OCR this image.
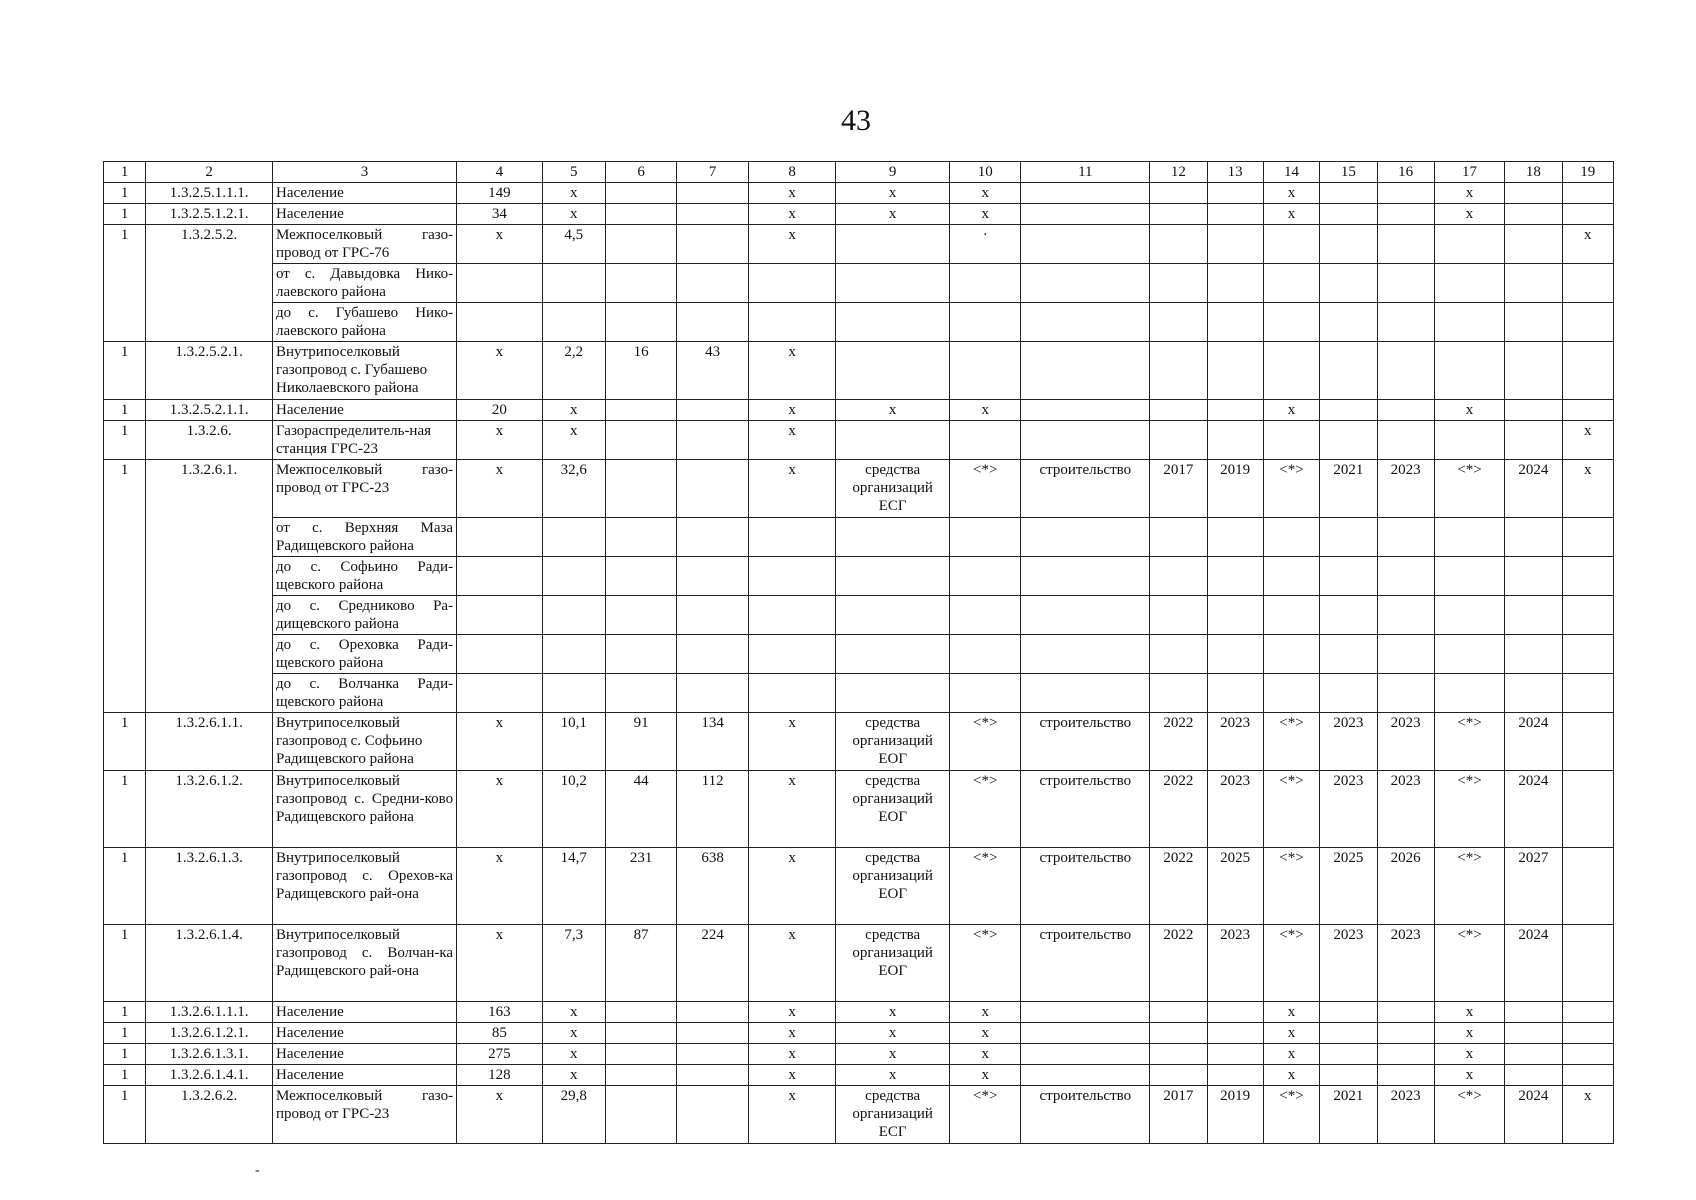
43
1	2	3	4	5	6	7	8	9	10	11	12	13	14	15	16	17	18	19
1	1.3.2.5.1.1.1.	Население	149	х			х	х	х				х			х		
1	1.3.2.5.1.2.1.	Население	34	х			х	х	х				х			х		
1	1.3.2.5.2.	Межпоселковый газо-провод от ГРС-76	х	4,5			х		·									х
		от с. Давыдовка Нико-лаевского района																
		до с. Губашево Нико-лаевского района																
1	1.3.2.5.2.1.	Внутрипоселковый газопровод с. Губашево Николаевского района	х	2,2	16	43	х											
1	1.3.2.5.2.1.1.	Население	20	х			х	х	х				х			х		
1	1.3.2.6.	Газораспределитель-ная станция ГРС-23	х	х			х											х
1	1.3.2.6.1.	Межпоселковый газо-провод от ГРС-23	х	32,6			х	средства организаций ЕСГ	<*>	строительство	2017	2019	<*>	2021	2023	<*>	2024	х
		от с. Верхняя Маза Радищевского района																
		до с. Софьино Ради-щевского района																
		до с. Средниково Ра-дищевского района																
		до с. Ореховка Ради-щевского района																
		до с. Волчанка Ради-щевского района																
1	1.3.2.6.1.1.	Внутрипоселковый газопровод с. Софьино Радищевского района	х	10,1	91	134	х	средства организаций ЕОГ	<*>	строительство	2022	2023	<*>	2023	2023	<*>	2024	
1	1.3.2.6.1.2.	Внутрипоселковый газопровод с. Средни-ково Радищевского района	х	10,2	44	112	х	средства организаций ЕОГ	<*>	строительство	2022	2023	<*>	2023	2023	<*>	2024	
1	1.3.2.6.1.3.	Внутрипоселковый газопровод с. Орехов-ка Радищевского рай-она	х	14,7	231	638	х	средства организаций ЕОГ	<*>	строительство	2022	2025	<*>	2025	2026	<*>	2027	
1	1.3.2.6.1.4.	Внутрипоселковый газопровод с. Волчан-ка Радищевского рай-она	х	7,3	87	224	х	средства организаций ЕОГ	<*>	строительство	2022	2023	<*>	2023	2023	<*>	2024	
1	1.3.2.6.1.1.1.	Население	163	х			х	х	х				х			х		
1	1.3.2.6.1.2.1.	Население	85	х			х	х	х				х			х		
1	1.3.2.6.1.3.1.	Население	275	х			х	х	х				х			х		
1	1.3.2.6.1.4.1.	Население	128	х			х	х	х				х			х		
1	1.3.2.6.2.	Межпоселковый газо-провод от ГРС-23	х	29,8			х	средства организаций ЕСГ	<*>	строительство	2017	2019	<*>	2021	2023	<*>	2024	х
-
